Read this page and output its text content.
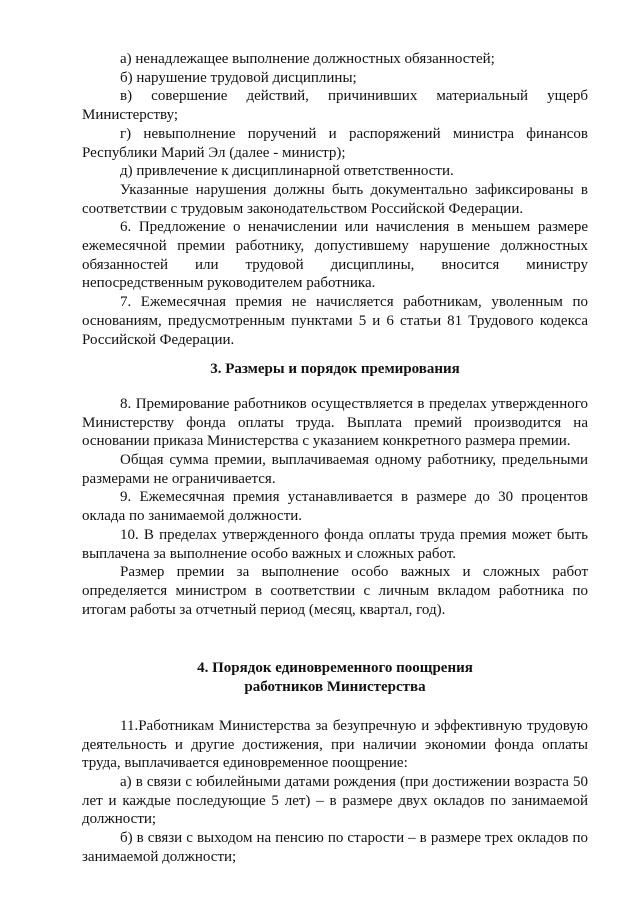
а) ненадлежащее выполнение должностных обязанностей;

б) нарушение трудовой дисциплины;

в) совершение действий, причинивших материальный ущерб Министерству;

г) невыполнение поручений и распоряжений министра финансов Республики Марий Эл (далее - министр);

д) привлечение к дисциплинарной ответственности.

Указанные нарушения должны быть документально зафиксированы в соответствии с трудовым законодательством Российской Федерации.

6. Предложение о неначислении или начисления в меньшем размере ежемесячной премии работнику, допустившему нарушение должностных обязанностей или трудовой дисциплины, вносится министру непосредственным руководителем работника.

7. Ежемесячная премия не начисляется работникам, уволенным по основаниям, предусмотренным пунктами 5 и 6 статьи 81 Трудового кодекса Российской Федерации.

3. Размеры и порядок премирования

8. Премирование работников осуществляется в пределах утвержденного Министерству фонда оплаты труда. Выплата премий производится на основании приказа Министерства с указанием конкретного размера премии.

Общая сумма премии, выплачиваемая одному работнику, предельными размерами не ограничивается.

9. Ежемесячная премия устанавливается в размере до 30 процентов оклада по занимаемой должности.

10. В пределах утвержденного фонда оплаты труда премия может быть выплачена за выполнение особо важных и сложных работ.

Размер премии за выполнение особо важных и сложных работ определяется министром в соответствии с личным вкладом работника по итогам работы за отчетный период (месяц, квартал, год).

4. Порядок единовременного поощрения
работников Министерства

11.Работникам Министерства за безупречную и эффективную трудовую деятельность и другие достижения, при наличии экономии фонда оплаты труда, выплачивается единовременное поощрение:

а) в связи с юбилейными датами рождения (при достижении возраста 50 лет и каждые последующие 5 лет) – в размере двух окладов по занимаемой должности;

б) в связи с выходом на пенсию по старости – в размере трех окладов по занимаемой должности;
